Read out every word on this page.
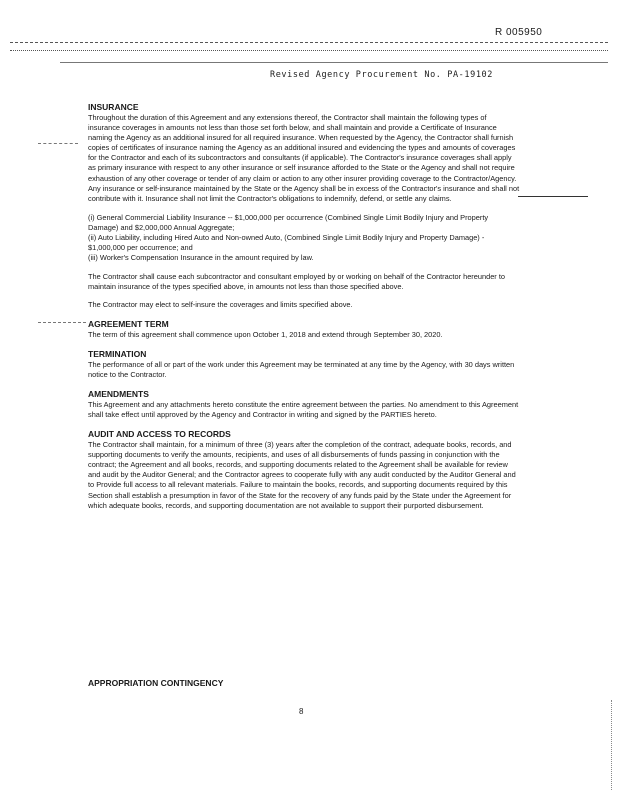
R 005950
Revised Agency Procurement No. PA-19102

INSURANCE

Throughout the duration of this Agreement and any extensions thereof, the Contractor shall maintain the following types of insurance coverages in amounts not less than those set forth below, and shall maintain and provide a Certificate of Insurance naming the Agency as an additional insured for all required insurance. When requested by the Agency, the Contractor shall furnish copies of certificates of insurance naming the Agency as an additional insured and evidencing the types and amounts of coverages for the Contractor and each of its subcontractors and consultants (if applicable). The Contractor's insurance coverages shall apply as primary insurance with respect to any other insurance or self insurance afforded to the State or the Agency and shall not require exhaustion of any other coverage or tender of any claim or action to any other insurer providing coverage to the Contractor/Agency. Any insurance or self-insurance maintained by the State or the Agency shall be in excess of the Contractor's insurance and shall not contribute with it. Insurance shall not limit the Contractor's obligations to indemnify, defend, or settle any claims.

(i) General Commercial Liability Insurance -- $1,000,000 per occurrence (Combined Single Limit Bodily Injury and Property Damage) and $2,000,000 Annual Aggregate;

(ii) Auto Liability, including Hired Auto and Non-owned Auto, (Combined Single Limit Bodily Injury and Property Damage) - $1,000,000 per occurrence; and

(iii) Worker's Compensation Insurance in the amount required by law.

The Contractor shall cause each subcontractor and consultant employed by or working on behalf of the Contractor hereunder to maintain insurance of the types specified above, in amounts not less than those specified above.

The Contractor may elect to self-insure the coverages and limits specified above.

AGREEMENT TERM

The term of this agreement shall commence upon October 1, 2018 and extend through September 30, 2020.

TERMINATION

The performance of all or part of the work under this Agreement may be terminated at any time by the Agency, with 30 days written notice to the Contractor.

AMENDMENTS

This Agreement and any attachments hereto constitute the entire agreement between the parties. No amendment to this Agreement shall take effect until approved by the Agency and Contractor in writing and signed by the PARTIES hereto.

AUDIT AND ACCESS TO RECORDS

The Contractor shall maintain, for a minimum of three (3) years after the completion of the contract, adequate books, records, and supporting documents to verify the amounts, recipients, and uses of all disbursements of funds passing in conjunction with the contract; the Agreement and all books, records, and supporting documents related to the Agreement shall be available for review and audit by the Auditor General; and the Contractor agrees to cooperate fully with any audit conducted by the Auditor General and to Provide full access to all relevant materials. Failure to maintain the books, records, and supporting documents required by this Section shall establish a presumption in favor of the State for the recovery of any funds paid by the State under the Agreement for which adequate books, records, and supporting documentation are not available to support their purported disbursement.

APPROPRIATION CONTINGENCY
8
